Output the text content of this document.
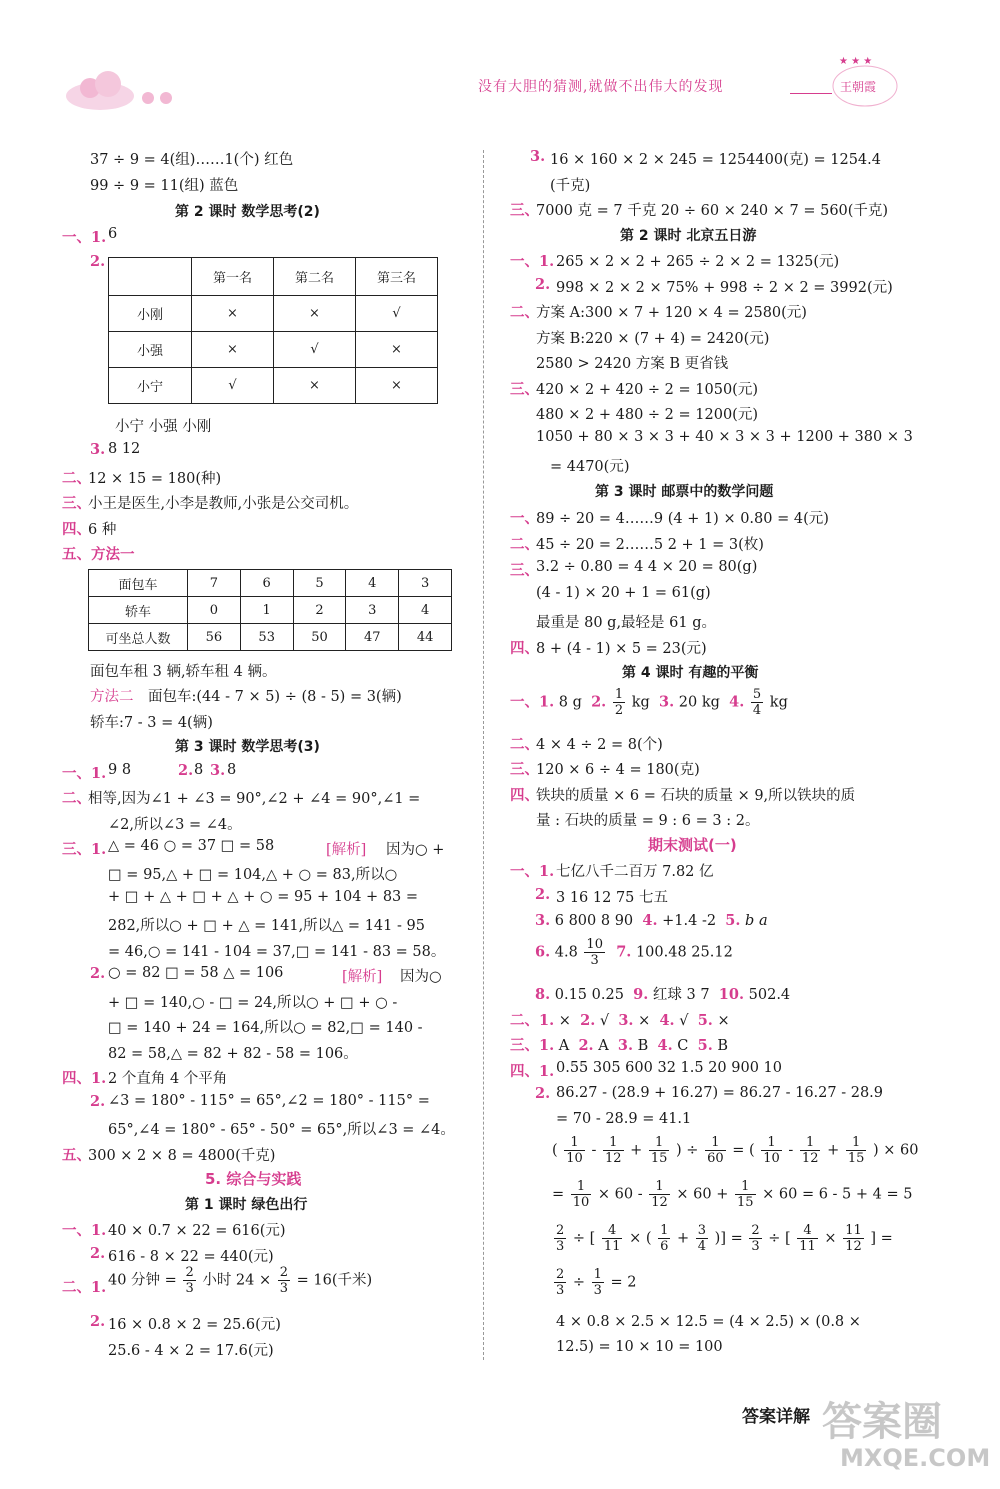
没有大胆的猜测,就做不出伟大的发现
★ ★ ★
王朝霞
37 ÷ 9 = 4(组)……1(个) 红色
99 ÷ 9 = 11(组) 蓝色
第 2 课时 数学思考(2)
一、1. 6
2.
	第一名	第二名	第三名
小刚	×	×	√
小强	×	√	×
小宁	√	×	×
小宁 小强 小刚
3. 8 12
二、
12 × 15 = 180(种)
三、
小王是医生,小李是教师,小张是公交司机。
四、
6 种
五、方法一
面包车	7	6	5	4	3
轿车	0	1	2	3	4
可坐总人数	56	53	50	47	44
面包车租 3 辆,轿车租 4 辆。
方法二 面包车:(44 - 7 × 5) ÷ (8 - 5) = 3(辆)
轿车:7 - 3 = 4(辆)
第 3 课时 数学思考(3)
一、1. 9 8	2. 8 3. 8
二、
相等,因为∠1 + ∠3 = 90°,∠2 + ∠4 = 90°,∠1 =
∠2,所以∠3 = ∠4。
三、1. △ = 46 ○ = 37 □ = 58	[解析] 因为○ +
□ = 95,△ + □ = 104,△ + ○ = 83,所以○
+ □ + △ + □ + △ + ○ = 95 + 104 + 83 =
282,所以○ + □ + △ = 141,所以△ = 141 - 95
= 46,○ = 141 - 104 = 37,□ = 141 - 83 = 58。
2. ○ = 82 □ = 58 △ = 106	[解析] 因为○
+ □ = 140,○ - □ = 24,所以○ + □ + ○ -
□ = 140 + 24 = 164,所以○ = 82,□ = 140 -
82 = 58,△ = 82 + 82 - 58 = 106。
四、1. 2 个直角 4 个平角
2. ∠3 = 180° - 115° = 65°,∠2 = 180° - 115° =
65°,∠4 = 180° - 65° - 50° = 65°,所以∠3 = ∠4。
五、
300 × 2 × 8 = 4800(千克)
5. 综合与实践
第 1 课时 绿色出行
一、1. 40 × 0.7 × 22 = 616(元)
2. 616 - 8 × 22 = 440(元)
二、1. 40 分钟 = $\frac{2}{3}$ 小时 $24 \times \frac{2}{3} = 16$(千米)
2. 16 × 0.8 × 2 = 25.6(元)
25.6 - 4 × 2 = 17.6(元)
3. 16 × 160 × 2 × 245 = 1254400(克) = 1254.4
(千克)
三、
7000 克 = 7 千克 20 ÷ 60 × 240 × 7 = 560(千克)
第 2 课时 北京五日游
一、1. 265 × 2 × 2 + 265 ÷ 2 × 2 = 1325(元)
2. 998 × 2 × 2 × 75% + 998 ÷ 2 × 2 = 3992(元)
二、
方案 A:300 × 7 + 120 × 4 = 2580(元)
方案 B:220 × (7 + 4) = 2420(元)
2580 > 2420 方案 B 更省钱
三、
420 × 2 + 420 ÷ 2 = 1050(元)
480 × 2 + 480 ÷ 2 = 1200(元)
1050 + 80 × 3 × 3 + 40 × 3 × 3 + 1200 + 380 × 3
= 4470(元)
第 3 课时 邮票中的数学问题
一、
89 ÷ 20 = 4……9 (4 + 1) × 0.80 = 4(元)
二、
45 ÷ 20 = 2……5 2 + 1 = 3(枚)
三、
3.2 ÷ 0.80 = 4 4 × 20 = 80(g)
(4 - 1) × 20 + 1 = 61(g)
最重是 80 g,最轻是 61 g。
四、
8 + (4 - 1) × 5 = 23(元)
第 4 课时 有趣的平衡
一、1. 8 g 2. $\frac{1}{2}$ kg 3. 20 kg 4. $\frac{5}{4}$ kg
二、
4 × 4 ÷ 2 = 8(个)
三、
120 × 6 ÷ 4 = 180(克)
四、
铁块的质量 × 6 = 石块的质量 × 9,所以铁块的质
量 : 石块的质量 = 9 : 6 = 3 : 2。
期末测试(一)
一、1. 七亿八千二百万 7.82 亿
2. 3 16 12 75 七五
3. 6 800 8 90 4. +1.4 -2 5. b a
6. $4.8 \frac{10}{3} 7$. 100.48 25.12
8. 0.15 0.25 9. 红球 3 7 10. 502.4
二、1. × 2. √ 3. × 4. √ 5. ×
三、1. A 2. A 3. B 4. C 5. B
四、1. 0.55 305 600 32 1.5 20 900 10
2. 86.27 - (28.9 + 16.27) = 86.27 - 16.27 - 28.9
= 70 - 28.9 = 41.1
( $\frac{1}{10} - \frac{1}{12} + \frac{1}{15}$ ) ÷ $\frac{1}{60}$ = ( $\frac{1}{10} - \frac{1}{12} + \frac{1}{15}$ ) × 60
= $\frac{1}{10} \times 60 - \frac{1}{12} \times 60 + \frac{1}{15} \times 60 = 6 - 5 + 4 = 5$
$\frac{2}{3}$ ÷ [ $\frac{4}{11}$ × ( $\frac{1}{6} + \frac{3}{4}$ )] = $\frac{2}{3}$ ÷ [ $\frac{4}{11} \times \frac{11}{12}$ ] =
$\frac{2}{3} \div \frac{1}{3} = 2$
4 × 0.8 × 2.5 × 12.5 = (4 × 2.5) × (0.8 ×
12.5) = 10 × 10 = 100
答案详解 答案圈
MXQE.COM
